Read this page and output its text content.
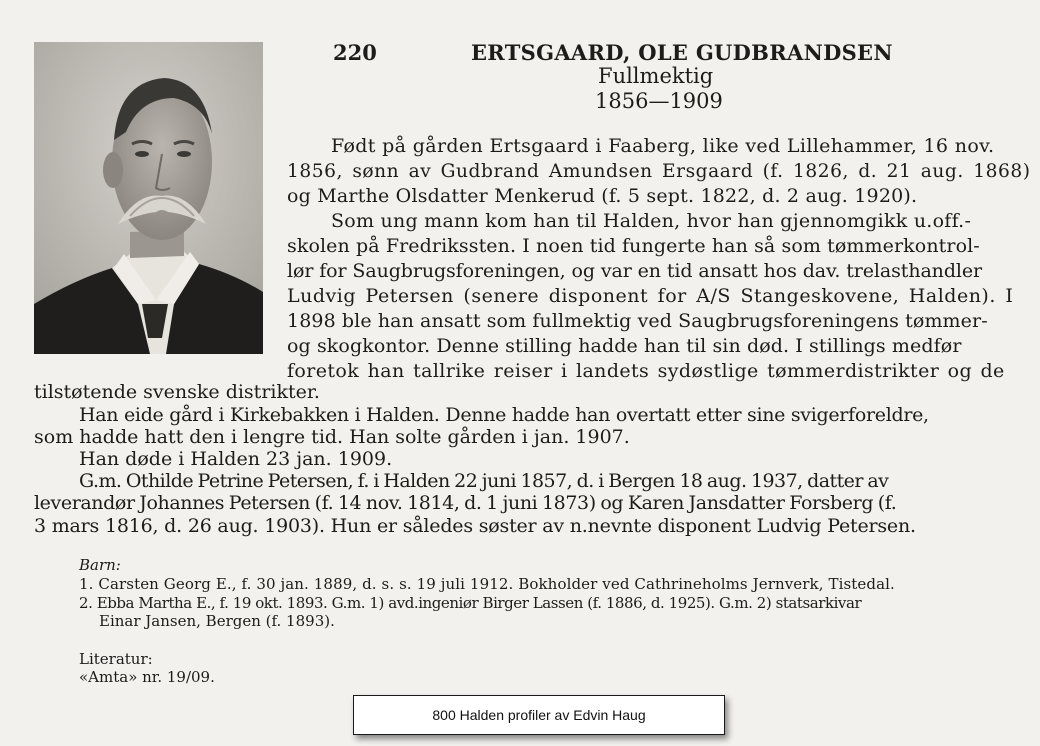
220	ERTSGAARD, OLE GUDBRANDSEN
Fullmektig
1856—1909
Født på gården Ertsgaard i Faaberg, like ved Lillehammer, 16 nov.
1856, sønn av Gudbrand Amundsen Ersgaard (f. 1826, d. 21 aug. 1868)
og Marthe Olsdatter Menkerud (f. 5 sept. 1822, d. 2 aug. 1920).
Som ung mann kom han til Halden, hvor han gjennomgikk u.off.-
skolen på Fredrikssten. I noen tid fungerte han så som tømmerkontrol-
lør for Saugbrugsforeningen, og var en tid ansatt hos dav. trelasthandler
Ludvig Petersen (senere disponent for A/S Stangeskovene, Halden). I
1898 ble han ansatt som fullmektig ved Saugbrugsforeningens tømmer-
og skogkontor. Denne stilling hadde han til sin død. I stillings medfør
foretok han tallrike reiser i landets sydøstlige tømmerdistrikter og de
tilstøtende svenske distrikter.
Han eide gård i Kirkebakken i Halden. Denne hadde han overtatt etter sine svigerforeldre,
som hadde hatt den i lengre tid. Han solte gården i jan. 1907.
Han døde i Halden 23 jan. 1909.
G.m. Othilde Petrine Petersen, f. i Halden 22 juni 1857, d. i Bergen 18 aug. 1937, datter av
leverandør Johannes Petersen (f. 14 nov. 1814, d. 1 juni 1873) og Karen Jansdatter Forsberg (f.
3 mars 1816, d. 26 aug. 1903). Hun er således søster av n.nevnte disponent Ludvig Petersen.
Barn:
1. Carsten Georg E., f. 30 jan. 1889, d. s. s. 19 juli 1912. Bokholder ved Cathrineholms Jernverk, Tistedal.
2. Ebba Martha E., f. 19 okt. 1893. G.m. 1) avd.ingeniør Birger Lassen (f. 1886, d. 1925). G.m. 2) statsarkivar
Einar Jansen, Bergen (f. 1893).
Literatur:
«Amta» nr. 19/09.
800 Halden profiler av Edvin Haug
